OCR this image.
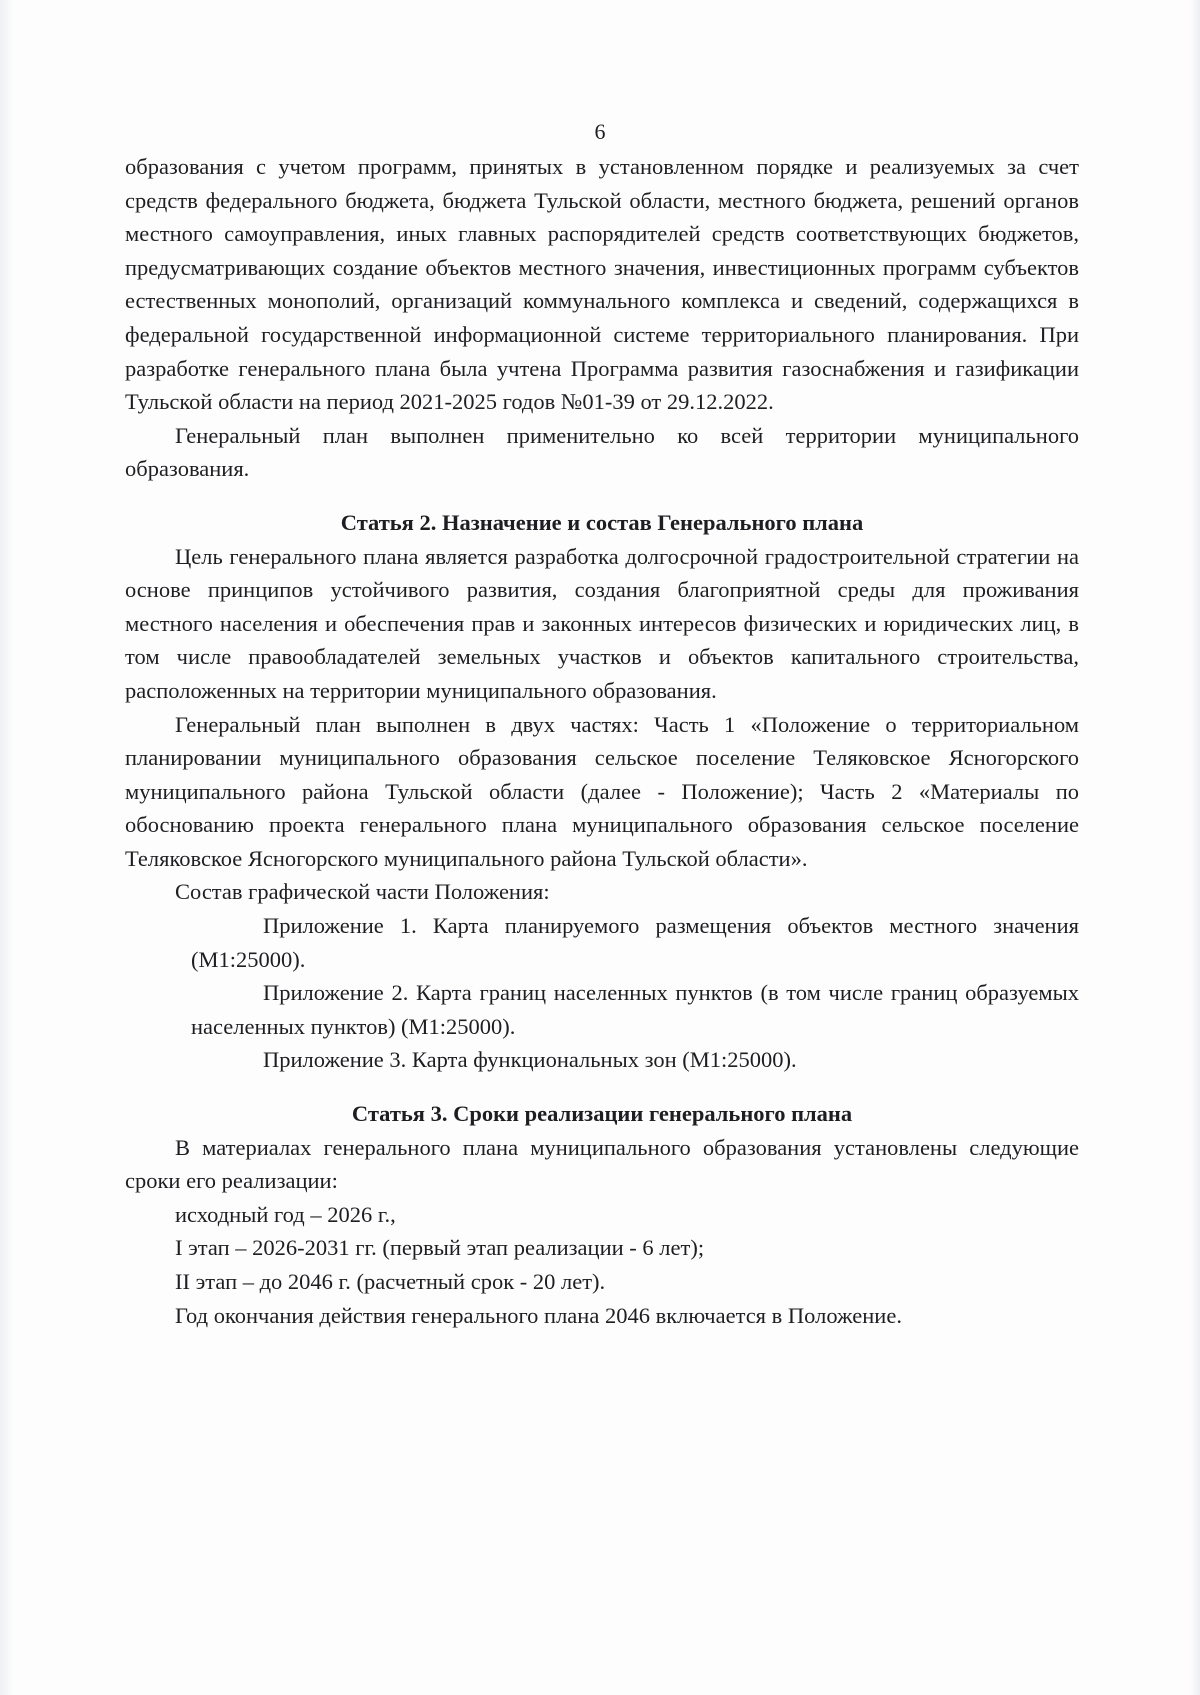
6

образования с учетом программ, принятых в установленном порядке и реализуемых за счет средств федерального бюджета, бюджета Тульской области, местного бюджета, решений органов местного самоуправления, иных главных распорядителей средств соответствующих бюджетов, предусматривающих создание объектов местного значения, инвестиционных программ субъектов естественных монополий, организаций коммунального комплекса и сведений, содержащихся в федеральной государственной информационной системе территориального планирования. При разработке генерального плана была учтена Программа развития газоснабжения и газификации Тульской области на период 2021-2025 годов №01-39 от 29.12.2022.

Генеральный план выполнен применительно ко всей территории муниципального образования.

Статья 2. Назначение и состав Генерального плана

Цель генерального плана является разработка долгосрочной градостроительной стратегии на основе принципов устойчивого развития, создания благоприятной среды для проживания местного населения и обеспечения прав и законных интересов физических и юридических лиц, в том числе правообладателей земельных участков и объектов капитального строительства, расположенных на территории муниципального образования.

Генеральный план выполнен в двух частях: Часть 1 «Положение о территориальном планировании муниципального образования сельское поселение Теляковское Ясногорского муниципального района Тульской области (далее - Положение); Часть 2 «Материалы по обоснованию проекта генерального плана муниципального образования сельское поселение Теляковское Ясногорского муниципального района Тульской области».

Состав графической части Положения:

Приложение 1. Карта планируемого размещения объектов местного значения (М1:25000).

Приложение 2. Карта границ населенных пунктов (в том числе границ образуемых населенных пунктов) (М1:25000).

Приложение 3. Карта функциональных зон (М1:25000).

Статья 3. Сроки реализации генерального плана

В материалах генерального плана муниципального образования установлены следующие сроки его реализации:

исходный год – 2026 г.,

I этап – 2026-2031 гг. (первый этап реализации - 6 лет);

II этап – до 2046 г. (расчетный срок - 20 лет).

Год окончания действия генерального плана 2046 включается в Положение.
